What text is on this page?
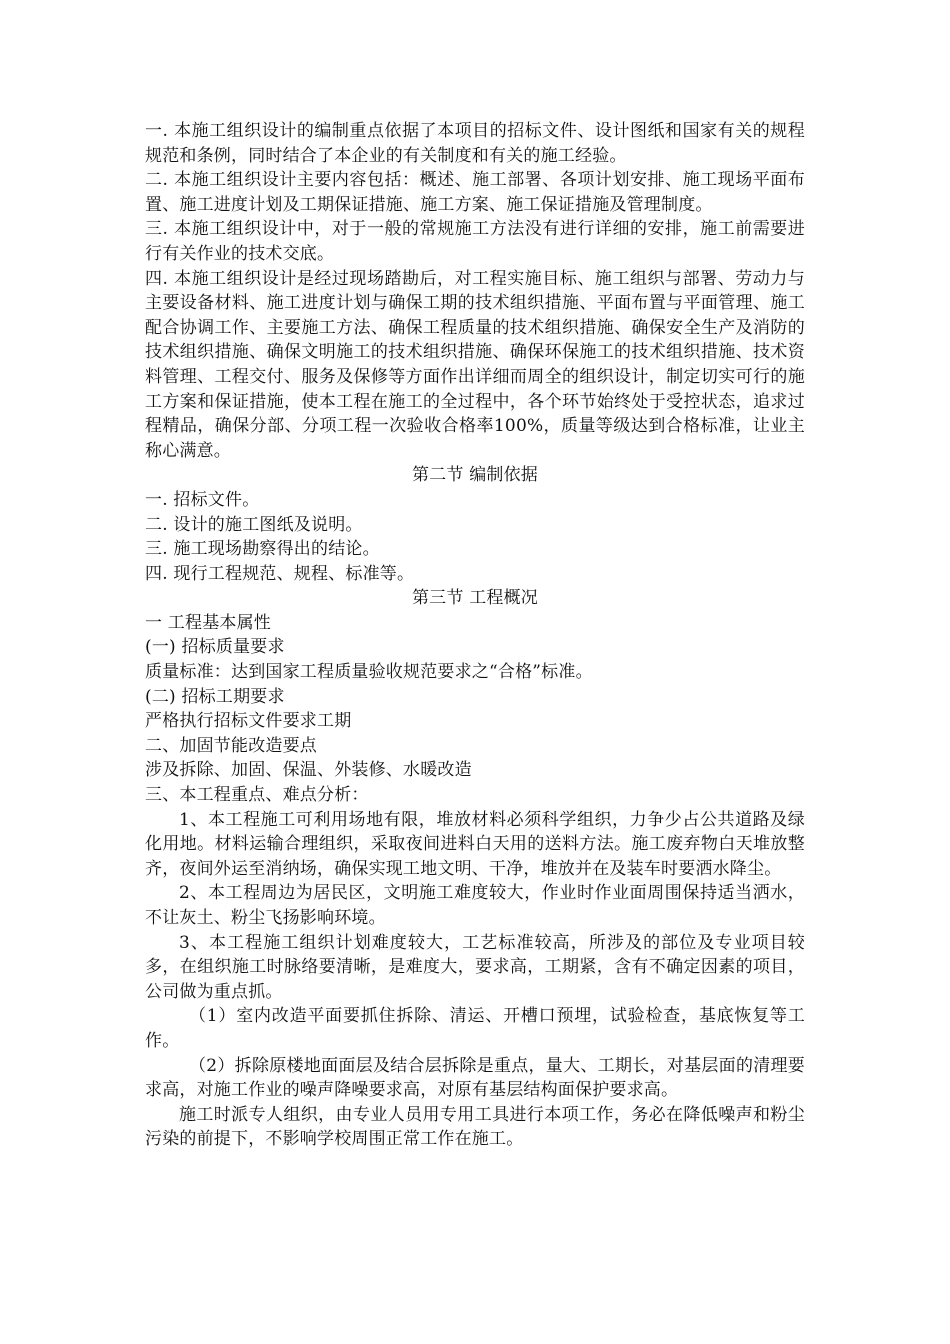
一. 本施工组织设计的编制重点依据了本项目的招标文件、设计图纸和国家有关的规程规范和条例，同时结合了本企业的有关制度和有关的施工经验。

二. 本施工组织设计主要内容包括：概述、施工部署、各项计划安排、施工现场平面布置、施工进度计划及工期保证措施、施工方案、施工保证措施及管理制度。

三. 本施工组织设计中，对于一般的常规施工方法没有进行详细的安排，施工前需要进行有关作业的技术交底。

四. 本施工组织设计是经过现场踏勘后，对工程实施目标、施工组织与部署、劳动力与主要设备材料、施工进度计划与确保工期的技术组织措施、平面布置与平面管理、施工配合协调工作、主要施工方法、确保工程质量的技术组织措施、确保安全生产及消防的技术组织措施、确保文明施工的技术组织措施、确保环保施工的技术组织措施、技术资料管理、工程交付、服务及保修等方面作出详细而周全的组织设计，制定切实可行的施工方案和保证措施，使本工程在施工的全过程中，各个环节始终处于受控状态，追求过程精品，确保分部、分项工程一次验收合格率100%，质量等级达到合格标准，让业主称心满意。

第二节 编制依据

一. 招标文件。

二. 设计的施工图纸及说明。

三. 施工现场勘察得出的结论。

四. 现行工程规范、规程、标准等。

第三节 工程概况

一 工程基本属性

(一) 招标质量要求

质量标准：达到国家工程质量验收规范要求之“合格”标准。

(二) 招标工期要求

严格执行招标文件要求工期

二、加固节能改造要点

涉及拆除、加固、保温、外装修、水暖改造

三、本工程重点、难点分析：

1、本工程施工可利用场地有限，堆放材料必须科学组织，力争少占公共道路及绿化用地。材料运输合理组织，采取夜间进料白天用的送料方法。施工废弃物白天堆放整齐，夜间外运至消纳场，确保实现工地文明、干净，堆放并在及装车时要洒水降尘。

2、本工程周边为居民区，文明施工难度较大，作业时作业面周围保持适当洒水，不让灰土、粉尘飞扬影响环境。

3、本工程施工组织计划难度较大，工艺标准较高，所涉及的部位及专业项目较多，在组织施工时脉络要清晰，是难度大，要求高，工期紧，含有不确定因素的项目，公司做为重点抓。

（1）室内改造平面要抓住拆除、清运、开槽口预埋，试验检查，基底恢复等工作。

（2）拆除原楼地面面层及结合层拆除是重点，量大、工期长，对基层面的清理要求高，对施工作业的噪声降噪要求高，对原有基层结构面保护要求高。

施工时派专人组织，由专业人员用专用工具进行本项工作，务必在降低噪声和粉尘污染的前提下，不影响学校周围正常工作在施工。
